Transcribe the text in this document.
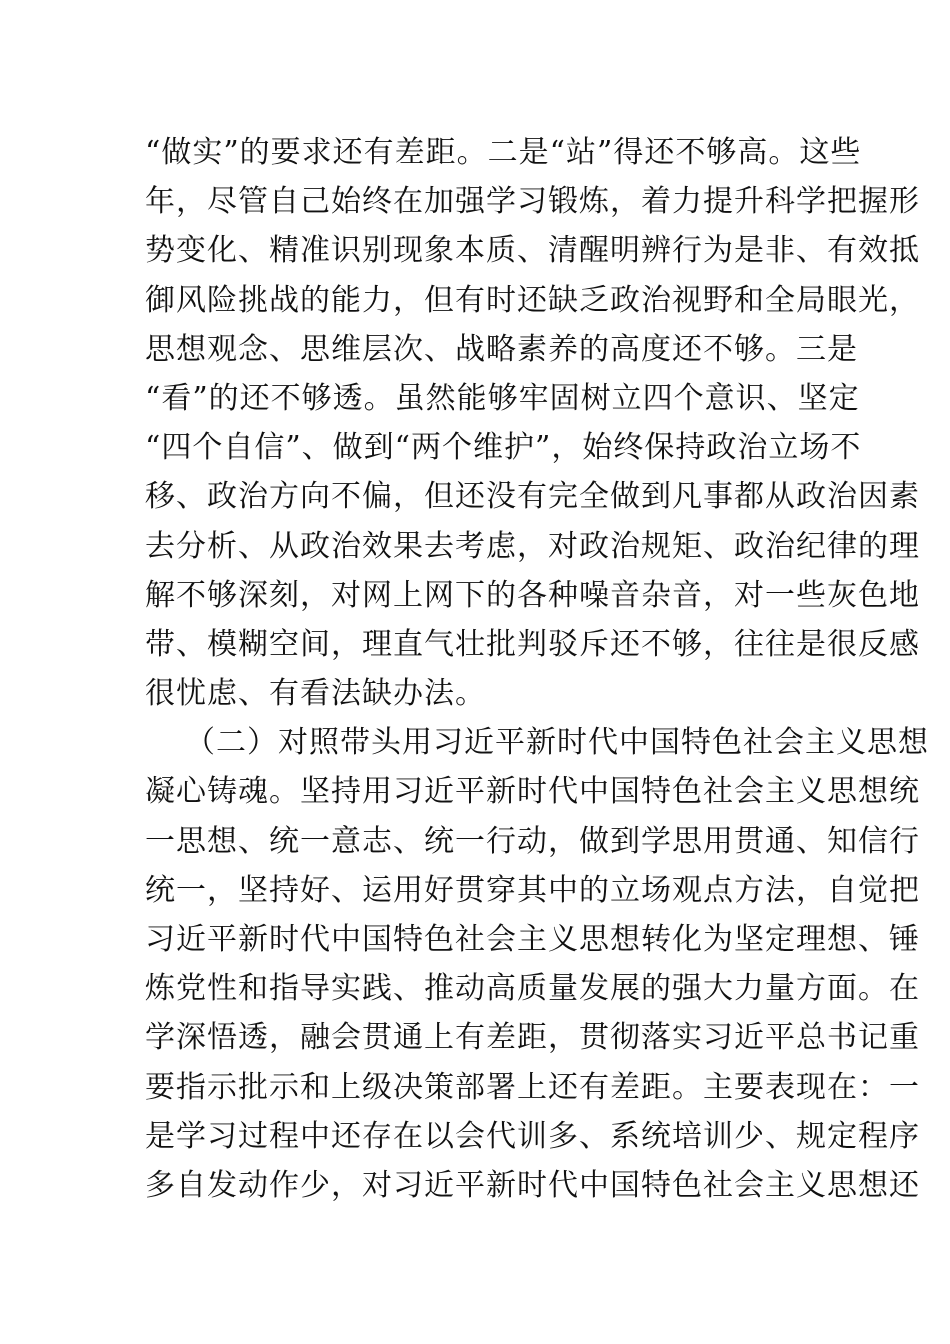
“做实”的要求还有差距。二是“站”得还不够高。这些
年，尽管自己始终在加强学习锻炼，着力提升科学把握形
势变化、精准识别现象本质、清醒明辨行为是非、有效抵
御风险挑战的能力，但有时还缺乏政治视野和全局眼光，
思想观念、思维层次、战略素养的高度还不够。三是
“看”的还不够透。虽然能够牢固树立四个意识、坚定
“四个自信”、做到“两个维护”，始终保持政治立场不
移、政治方向不偏，但还没有完全做到凡事都从政治因素
去分析、从政治效果去考虑，对政治规矩、政治纪律的理
解不够深刻，对网上网下的各种噪音杂音，对一些灰色地
带、模糊空间，理直气壮批判驳斥还不够，往往是很反感
很忧虑、有看法缺办法。
（二）对照带头用习近平新时代中国特色社会主义思想
凝心铸魂。坚持用习近平新时代中国特色社会主义思想统
一思想、统一意志、统一行动，做到学思用贯通、知信行
统一，坚持好、运用好贯穿其中的立场观点方法，自觉把
习近平新时代中国特色社会主义思想转化为坚定理想、锤
炼党性和指导实践、推动高质量发展的强大力量方面。在
学深悟透，融会贯通上有差距，贯彻落实习近平总书记重
要指示批示和上级决策部署上还有差距。主要表现在：一
是学习过程中还存在以会代训多、系统培训少、规定程序
多自发动作少，对习近平新时代中国特色社会主义思想还
